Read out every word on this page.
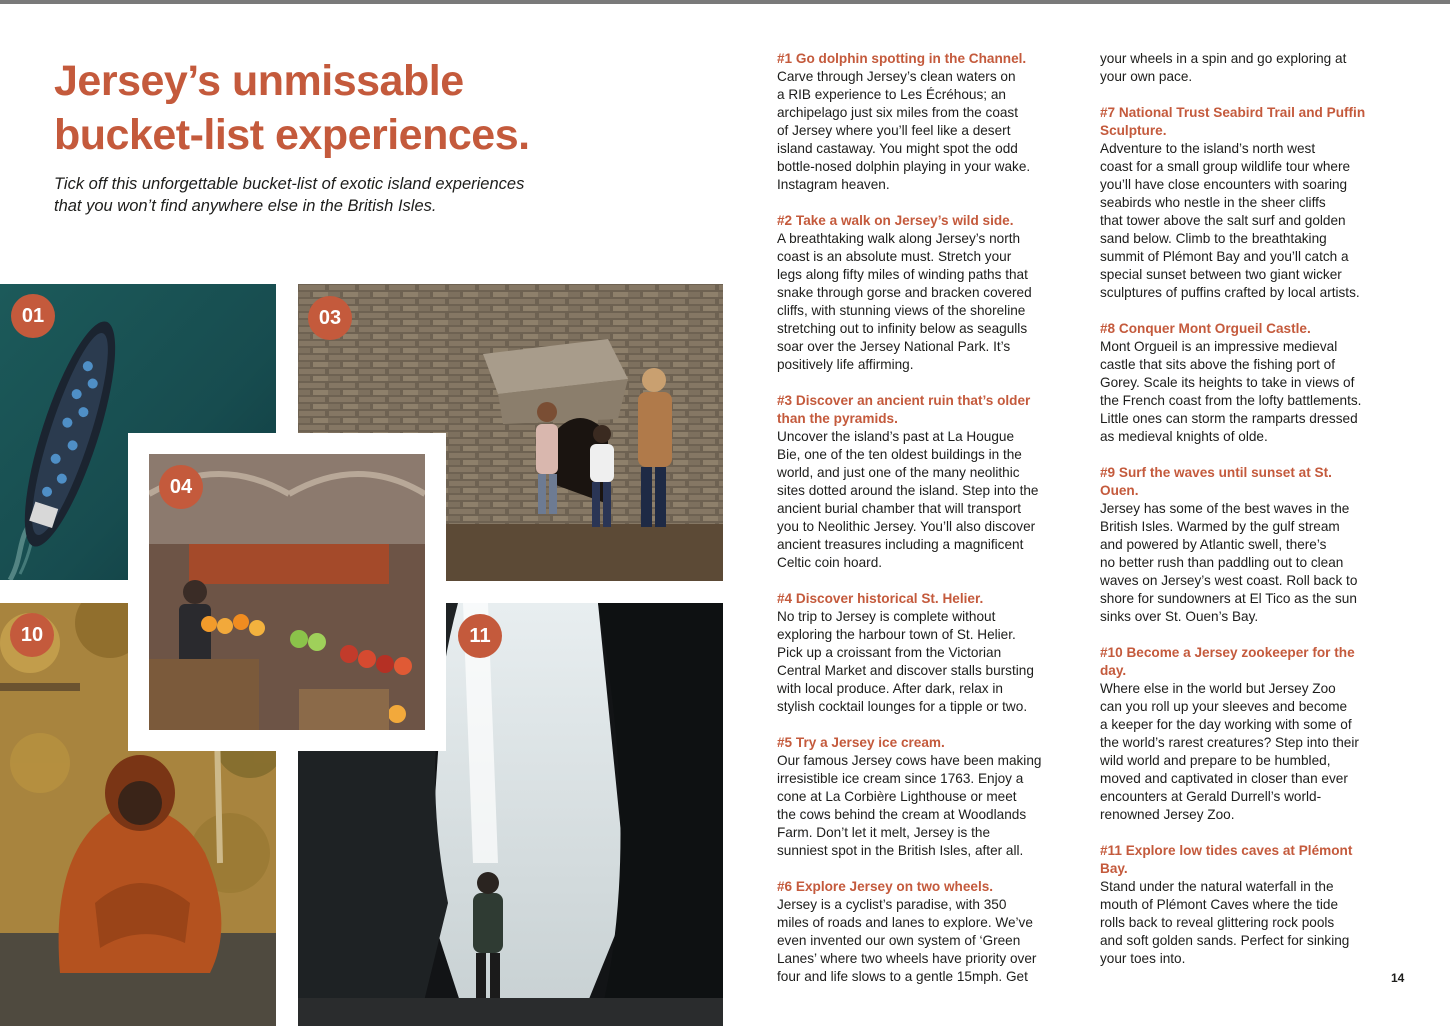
Jersey’s unmissable
bucket-list experiences.

Tick off this unforgettable bucket-list of exotic island experiences
that you won’t find anywhere else in the British Isles.

01	03
10	11
04
#1 Go dolphin spotting in the Channel.

Carve through Jersey’s clean waters on
a RIB experience to Les Écréhous; an
archipelago just six miles from the coast
of Jersey where you’ll feel like a desert
island castaway. You might spot the odd
bottle-nosed dolphin playing in your wake.
Instagram heaven.

#2 Take a walk on Jersey’s wild side.

A breathtaking walk along Jersey’s north
coast is an absolute must. Stretch your
legs along fifty miles of winding paths that
snake through gorse and bracken covered
cliffs, with stunning views of the shoreline
stretching out to infinity below as seagulls
soar over the Jersey National Park. It’s
positively life affirming.

#3 Discover an ancient ruin that’s older
than the pyramids.

Uncover the island’s past at La Hougue
Bie, one of the ten oldest buildings in the
world, and just one of the many neolithic
sites dotted around the island. Step into the
ancient burial chamber that will transport
you to Neolithic Jersey. You’ll also discover
ancient treasures including a magnificent
Celtic coin hoard.

#4 Discover historical St. Helier.

No trip to Jersey is complete without
exploring the harbour town of St. Helier.
Pick up a croissant from the Victorian
Central Market and discover stalls bursting
with local produce. After dark, relax in
stylish cocktail lounges for a tipple or two.

#5 Try a Jersey ice cream.

Our famous Jersey cows have been making
irresistible ice cream since 1763. Enjoy a
cone at La Corbière Lighthouse or meet
the cows behind the cream at Woodlands
Farm. Don’t let it melt, Jersey is the
sunniest spot in the British Isles, after all.

#6 Explore Jersey on two wheels.

Jersey is a cyclist’s paradise, with 350
miles of roads and lanes to explore. We’ve
even invented our own system of ‘Green
Lanes’ where two wheels have priority over
four and life slows to a gentle 15mph. Get

your wheels in a spin and go exploring at
your own pace.

#7 National Trust Seabird Trail and Puffin
Sculpture.

Adventure to the island’s north west
coast for a small group wildlife tour where
you’ll have close encounters with soaring
seabirds who nestle in the sheer cliffs
that tower above the salt surf and golden
sand below. Climb to the breathtaking
summit of Plémont Bay and you’ll catch a
special sunset between two giant wicker
sculptures of puffins crafted by local artists.

#8 Conquer Mont Orgueil Castle.

Mont Orgueil is an impressive medieval
castle that sits above the fishing port of
Gorey. Scale its heights to take in views of
the French coast from the lofty battlements.
Little ones can storm the ramparts dressed
as medieval knights of olde.

#9 Surf the waves until sunset at St.
Ouen.

Jersey has some of the best waves in the
British Isles. Warmed by the gulf stream
and powered by Atlantic swell, there’s
no better rush than paddling out to clean
waves on Jersey’s west coast. Roll back to
shore for sundowners at El Tico as the sun
sinks over St. Ouen’s Bay.

#10 Become a Jersey zookeeper for the
day.

Where else in the world but Jersey Zoo
can you roll up your sleeves and become
a keeper for the day working with some of
the world’s rarest creatures? Step into their
wild world and prepare to be humbled,
moved and captivated in closer than ever
encounters at Gerald Durrell’s world-
renowned Jersey Zoo.

#11 Explore low tides caves at Plémont
Bay.

Stand under the natural waterfall in the
mouth of Plémont Caves where the tide
rolls back to reveal glittering rock pools
and soft golden sands. Perfect for sinking
your toes into.

14
